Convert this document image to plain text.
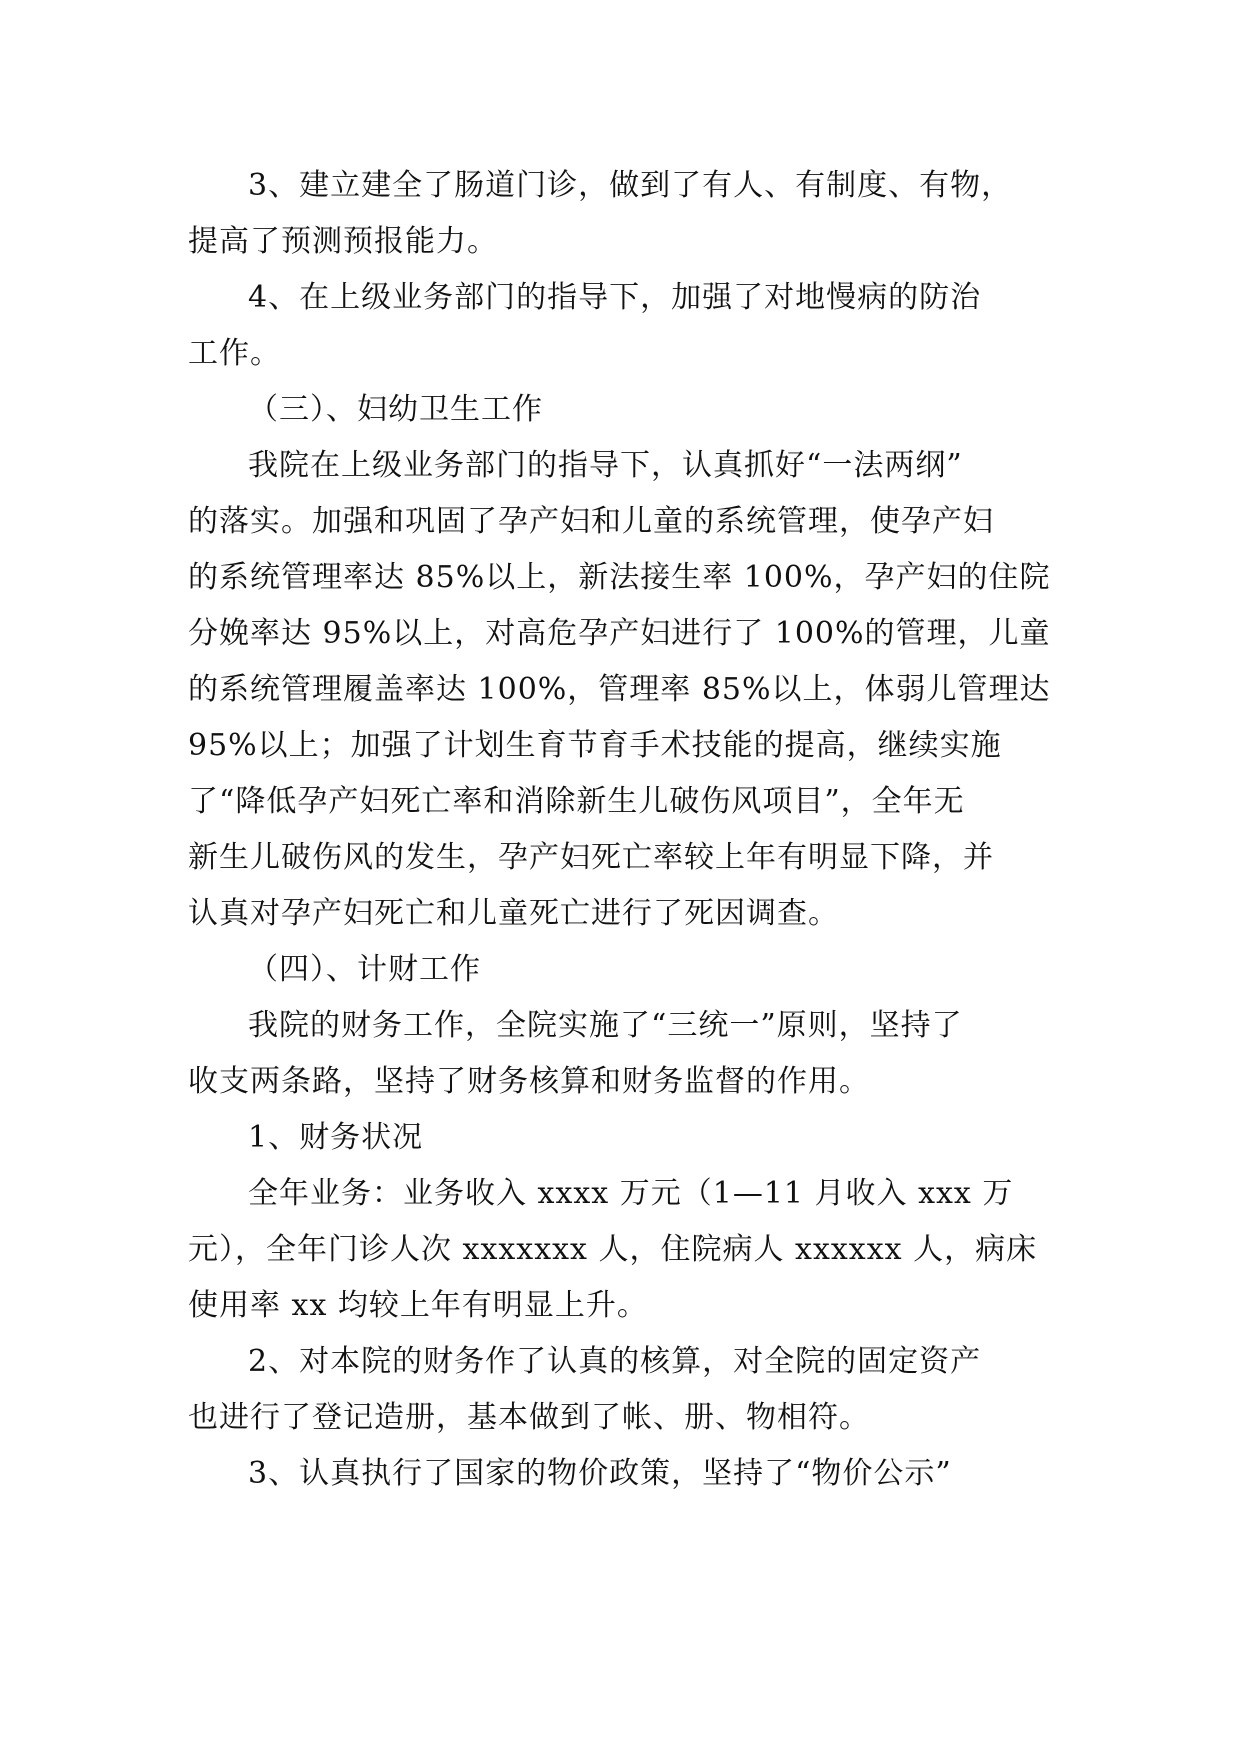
3、建立建全了肠道门诊，做到了有人、有制度、有物，
提高了预测预报能力。
4、在上级业务部门的指导下，加强了对地慢病的防治
工作。
（三）、妇幼卫生工作
我院在上级业务部门的指导下，认真抓好“一法两纲”
的落实。加强和巩固了孕产妇和儿童的系统管理，使孕产妇
的系统管理率达 85%以上，新法接生率 100%，孕产妇的住院
分娩率达 95%以上，对高危孕产妇进行了 100%的管理，儿童
的系统管理履盖率达 100%，管理率 85%以上，体弱儿管理达
95%以上；加强了计划生育节育手术技能的提高，继续实施
了“降低孕产妇死亡率和消除新生儿破伤风项目”，全年无
新生儿破伤风的发生，孕产妇死亡率较上年有明显下降，并
认真对孕产妇死亡和儿童死亡进行了死因调查。
（四）、计财工作
我院的财务工作，全院实施了“三统一”原则，坚持了
收支两条路，坚持了财务核算和财务监督的作用。
1、财务状况
全年业务：业务收入 xxxx 万元（1—11 月收入 xxx 万
元），全年门诊人次 xxxxxxx 人，住院病人 xxxxxx 人，病床
使用率 xx 均较上年有明显上升。
2、对本院的财务作了认真的核算，对全院的固定资产
也进行了登记造册，基本做到了帐、册、物相符。
3、认真执行了国家的物价政策，坚持了“物价公示”
